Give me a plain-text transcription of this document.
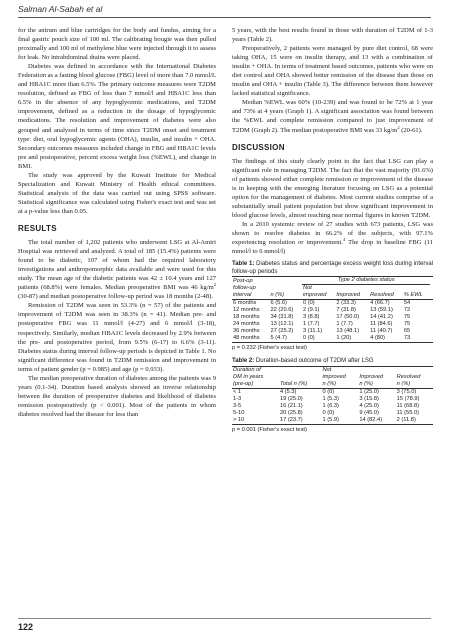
Salman Al-Sabah et al

for the antrum and blue cartridges for the body and fundus, aiming for a final gastric pouch size of 100 ml. The calibrating bougie was then pulled proximally and 100 ml of methylene blue were injected through it to assess for leak. No intrabdominal drains were placed.

Diabetes was defined in accordance with the International Diabetes Federation as a fasting blood glucose (FBG) level of more than 7.0 mmol/L and HBA1C more than 6.5%. The primary outcome measures were T2DM resolution, defined as FBG of less than 7 mmol/l and HBA1C less than 6.5% in the absence of any hypoglycemic medications, and T2DM improvement, defined as a reduction in the dosage of hypoglycemic medications. The resolution and improvement of diabetes were also grouped and analyzed in terms of time since T2DM onset and treatment type: diet, oral hypoglycemic agents (OHA), insulin, and insulin + OHA. Secondary outcomes measures included change in FBG and HBA1C levels pre and postoperative, percent excess weight loss (%EWL), and change in BMI.

The study was approved by the Kuwait Institute for Medical Specialization and Kuwait Ministry of Health ethical committees. Statistical analysis of the data was carried out using SPSS software. Statistical significance was calculated using Fisher's exact test and was set at a p-value less than 0.05.

RESULTS

The total number of 1,202 patients who underwent LSG at Al-Amiri Hospital was retrieved and analyzed. A total of 185 (15.4%) patients were found to be diabetic, 107 of whom had the required laboratory investigations and anthropomorphic data available and were used for this study. The mean age of the diabetic patients was 42 ± 10.4 years and 127 patients (68.8%) were females. Median preoperative BMI was 46 $kg/m^2$ (30-87) and median postoperative follow-up period was 18 months (2-48).

Remission of T2DM was seen in 53.3% (n = 57) of the patients and improvement of T2DM was seen in 38.3% (n = 41). Median pre- and postoperative FBG was 11 mmol/l (4-27) and 6 mmol/l (3-18), respectively. Similarly, median HBA1C levels decreased by 2.9% between the pre- and postoperative period, from 9.5% (6-17) to 6.6% (3-11). Diabetes status during interval follow-up periods is depicted in Table 1. No significant difference was found in T2DM remission and improvement in terms of patient gender (p = 0.985) and age (p = 0.933).

The median preoperative duration of diabetes among the patients was 9 years (0.1-34). Duration based analysis showed an inverse relationship between the duration of preoperative diabetes and likelihood of diabetes remission postoperatively (p < 0.001). Most of the patients in whom diabetes resolved had the disease for less than

5 years, with the best results found in those with duration of T2DM of 1-3 years (Table 2).

Preoperatively, 2 patients were managed by pure diet control, 68 were taking OHA, 15 were on insulin therapy, and 13 with a combination of insulin + OHA. In terms of treatment based outcomes, patients who were on diet control and OHA showed better remission of the disease than those on insulin and OHA + insulin (Table 3). The difference between them however lacked statistical significance.

Median %EWL was 60% (10-239) and was found to be 72% at 1 year and 73% at 4 years (Graph 1). A significant association was found between the %EWL and complete remission compared to just improvement of T2DM (Graph 2). The median postoperative BMI was 33 $kg/m^2$ (20-61).

DISCUSSION

The findings of this study clearly point to the fact that LSG can play a significant role in managing T2DM. The fact that the vast majority (91.6%) of patients showed either complete remission or improvement of the disease is in keeping with the emerging literature focusing on LSG as a potential option for the management of diabetes. Most current studies comprise of a substantially small patient population but show significant improvement in blood glucose levels, almost reaching near normal figures in known T2DM.

In a 2010 systemic review of 27 studies with 673 patients, LSG was shown to resolve diabetes in 66.2% of the subjects, with 97.1% experiencing resolution or improvement.$^4$ The drop in baseline FBG (11 mmol/l to 6 mmol/l)

Table 1: Diabetes status and percentage excess weight loss during interval follow-up periods
Post-op		Type 2 diabetes status				
follow-up		Not				
interval	n (%)	improved	Improved	Resolved	% EWL	
6 months	6 (5.6)	0 (0)	2 (33.3)	4 (66.7)	54	
12 months	22 (20.6)	2 (9.1)	7 (31.8)	13 (59.1)	72	
18 months	34 (31.8)	3 (8.8)	17 (50.0)	14 (41.2)	75	
24 months	13 (12.1)	1 (7.7)	1 (7.7)	11 (84.6)	75	
36 months	27 (25.2)	3 (11.1)	13 (48.1)	11 (40.7)	65	
48 months	5 (4.7)	0 (0)	1 (20)	4 (80)	73	
p = 0.232 (Fisher's exact test)
Table 2: Duration-based outcome of T2DM after LSG
Duration of		Not		
DM in years		improved	Improved	Resolved
(pre-op)	Total n (%)	n (%)	n (%)	n (%)
< 1	4 (5.3)	0 (0)	1 (25.0)	3 (75.0)
1-3	19 (25.0)	1 (5.3)	3 (15.8)	15 (78.9)
3-5	16 (21.1)	1 (6.3)	4 (25.0)	11 (68.8)
5-10	20 (25.8)	0 (0)	9 (45.0)	11 (55.0)
> 10	17 (23.7)	1 (5.9)	14 (82.4)	2 (11.8)
p = 0.001 (Fisher's exact test)
122
